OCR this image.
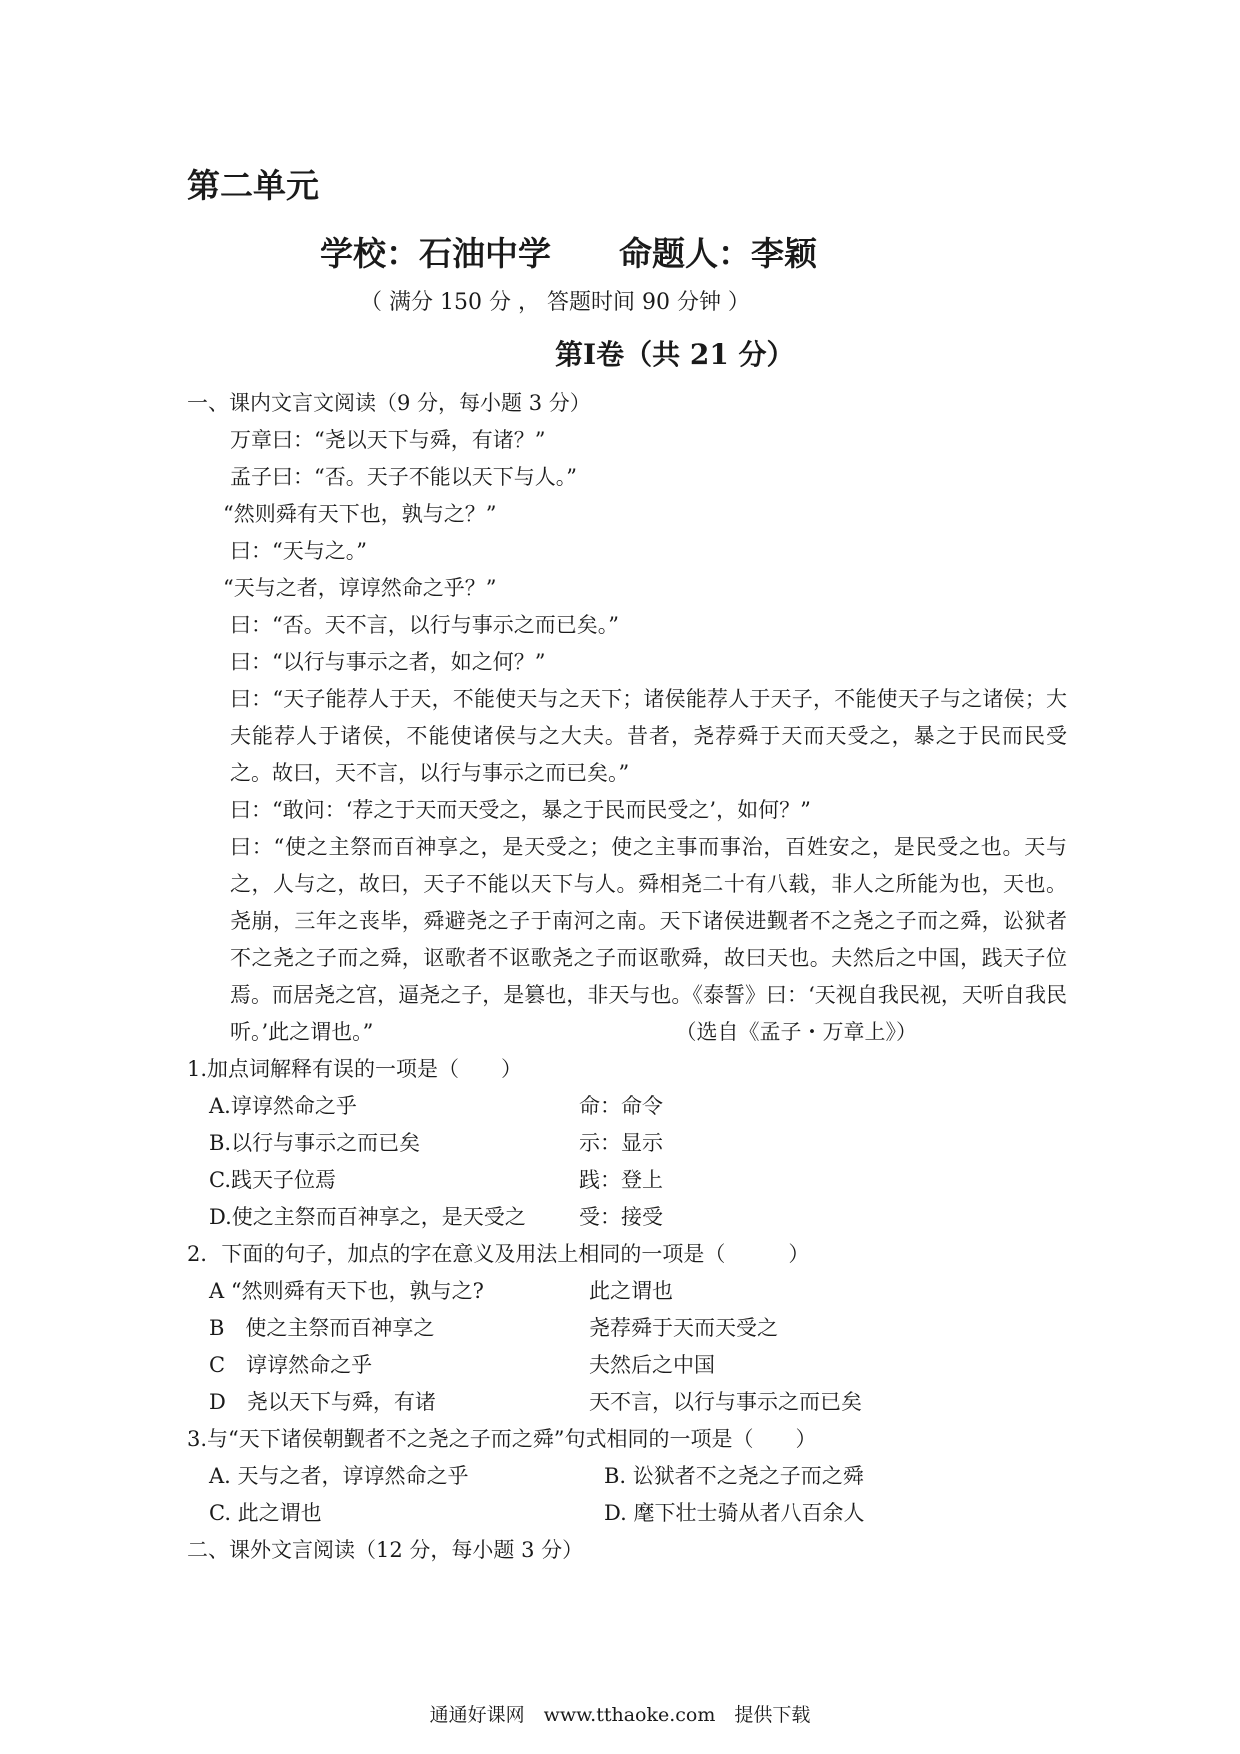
第二单元
学校：石油中学 命题人：李颖
（ 满分 150 分 ， 答题时间 90 分钟 ）
第Ⅰ卷（共 21 分）
一、课内文言文阅读（9 分，每小题 3 分）
万章曰：“尧以天下与舜，有诸？”
孟子曰：“否。天子不能以天下与人。”
“然则舜有天下也，孰与之？”
曰：“天与之。”
“天与之者，谆谆然命之乎？”
曰：“否。天不言，以行与事示之而已矣。”
曰：“以行与事示之者，如之何？”
曰：“天子能荐人于天，不能使天与之天下；诸侯能荐人于天子，不能使天子与之诸侯；大夫能荐人于诸侯，不能使诸侯与之大夫。昔者，尧荐舜于天而天受之，暴之于民而民受之。故曰，天不言，以行与事示之而已矣。”
曰：“敢问：‘荐之于天而天受之，暴之于民而民受之’，如何？”
曰：“使之主祭而百神享之，是天受之；使之主事而事治，百姓安之，是民受之也。天与之，人与之，故曰，天子不能以天下与人。舜相尧二十有八载，非人之所能为也，天也。尧崩，三年之丧毕，舜避尧之子于南河之南。天下诸侯进觐者不之尧之子而之舜，讼狱者不之尧之子而之舜，讴歌者不讴歌尧之子而讴歌舜，故曰天也。夫然后之中国，践天子位焉。而居尧之宫，逼尧之子，是篡也，非天与也。《泰誓》曰：‘天视自我民视，天听自我民听。’此之谓也。”	（选自《孟子・万章上》）
1.加点词解释有误的一项是（　　）
A.谆谆然命之乎	命：命令
B.以行与事示之而已矣	示：显示
C.践天子位焉	践：登上
D.使之主祭而百神享之，是天受之	受：接受
2．下面的句子，加点的字在意义及用法上相同的一项是（　　　）
A “然则舜有天下也，孰与之?	此之谓也
B　使之主祭而百神享之	尧荐舜于天而天受之
C　谆谆然命之乎	夫然后之中国
D　尧以天下与舜，有诸	天不言，以行与事示之而已矣
3.与“天下诸侯朝觐者不之尧之子而之舜”句式相同的一项是（　　）
A. 天与之者，谆谆然命之乎	B. 讼狱者不之尧之子而之舜
C. 此之谓也	D. 麾下壮士骑从者八百余人
二、课外文言阅读（12 分，每小题 3 分）
通通好课网　www.tthaoke.com　提供下载
